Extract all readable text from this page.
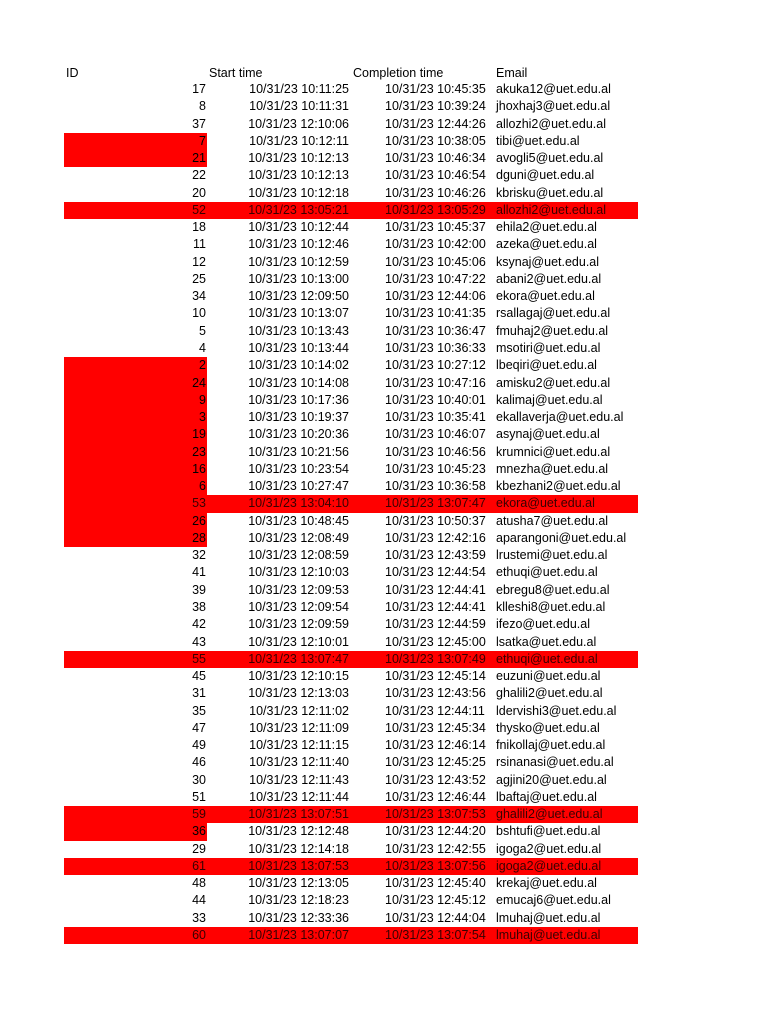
ID	Start time	Completion time	Email
17	10/31/23 10:11:25	10/31/23 10:45:35 akuka12@uet.edu.al
8	10/31/23 10:11:31	10/31/23 10:39:24 jhoxhaj3@uet.edu.al
37	10/31/23 12:10:06	10/31/23 12:44:26 allozhi2@uet.edu.al
7	10/31/23 10:12:11	10/31/23 10:38:05 tibi@uet.edu.al
21	10/31/23 10:12:13	10/31/23 10:46:34 avogli5@uet.edu.al
22	10/31/23 10:12:13	10/31/23 10:46:54 dguni@uet.edu.al
20	10/31/23 10:12:18	10/31/23 10:46:26 kbrisku@uet.edu.al
52	10/31/23 13:05:21	10/31/23 13:05:29 allozhi2@uet.edu.al
18	10/31/23 10:12:44	10/31/23 10:45:37 ehila2@uet.edu.al
11	10/31/23 10:12:46	10/31/23 10:42:00 azeka@uet.edu.al
12	10/31/23 10:12:59	10/31/23 10:45:06 ksynaj@uet.edu.al
25	10/31/23 10:13:00	10/31/23 10:47:22 abani2@uet.edu.al
34	10/31/23 12:09:50	10/31/23 12:44:06 ekora@uet.edu.al
10	10/31/23 10:13:07	10/31/23 10:41:35 rsallagaj@uet.edu.al
5	10/31/23 10:13:43	10/31/23 10:36:47 fmuhaj2@uet.edu.al
4	10/31/23 10:13:44	10/31/23 10:36:33 msotiri@uet.edu.al
2	10/31/23 10:14:02	10/31/23 10:27:12 lbeqiri@uet.edu.al
24	10/31/23 10:14:08	10/31/23 10:47:16 amisku2@uet.edu.al
9	10/31/23 10:17:36	10/31/23 10:40:01 kalimaj@uet.edu.al
3	10/31/23 10:19:37	10/31/23 10:35:41 ekallaverja@uet.edu.al
19	10/31/23 10:20:36	10/31/23 10:46:07 asynaj@uet.edu.al
23	10/31/23 10:21:56	10/31/23 10:46:56 krumnici@uet.edu.al
16	10/31/23 10:23:54	10/31/23 10:45:23 mnezha@uet.edu.al
6	10/31/23 10:27:47	10/31/23 10:36:58 kbezhani2@uet.edu.al
53	10/31/23 13:04:10	10/31/23 13:07:47 ekora@uet.edu.al
26	10/31/23 10:48:45	10/31/23 10:50:37 atusha7@uet.edu.al
28	10/31/23 12:08:49	10/31/23 12:42:16 aparangoni@uet.edu.al
32	10/31/23 12:08:59	10/31/23 12:43:59 lrustemi@uet.edu.al
41	10/31/23 12:10:03	10/31/23 12:44:54 ethuqi@uet.edu.al
39	10/31/23 12:09:53	10/31/23 12:44:41 ebregu8@uet.edu.al
38	10/31/23 12:09:54	10/31/23 12:44:41 klleshi8@uet.edu.al
42	10/31/23 12:09:59	10/31/23 12:44:59 ifezo@uet.edu.al
43	10/31/23 12:10:01	10/31/23 12:45:00 lsatka@uet.edu.al
55	10/31/23 13:07:47	10/31/23 13:07:49 ethuqi@uet.edu.al
45	10/31/23 12:10:15	10/31/23 12:45:14 euzuni@uet.edu.al
31	10/31/23 12:13:03	10/31/23 12:43:56 ghalili2@uet.edu.al
35	10/31/23 12:11:02	10/31/23 12:44:11 ldervishi3@uet.edu.al
47	10/31/23 12:11:09	10/31/23 12:45:34 thysko@uet.edu.al
49	10/31/23 12:11:15	10/31/23 12:46:14 fnikollaj@uet.edu.al
46	10/31/23 12:11:40	10/31/23 12:45:25 rsinanasi@uet.edu.al
30	10/31/23 12:11:43	10/31/23 12:43:52 agjini20@uet.edu.al
51	10/31/23 12:11:44	10/31/23 12:46:44 lbaftaj@uet.edu.al
59	10/31/23 13:07:51	10/31/23 13:07:53 ghalili2@uet.edu.al
36	10/31/23 12:12:48	10/31/23 12:44:20 bshtufi@uet.edu.al
29	10/31/23 12:14:18	10/31/23 12:42:55 igoga2@uet.edu.al
61	10/31/23 13:07:53	10/31/23 13:07:56 igoga2@uet.edu.al
48	10/31/23 12:13:05	10/31/23 12:45:40 krekaj@uet.edu.al
44	10/31/23 12:18:23	10/31/23 12:45:12 emucaj6@uet.edu.al
33	10/31/23 12:33:36	10/31/23 12:44:04 lmuhaj@uet.edu.al
60	10/31/23 13:07:07	10/31/23 13:07:54 lmuhaj@uet.edu.al
